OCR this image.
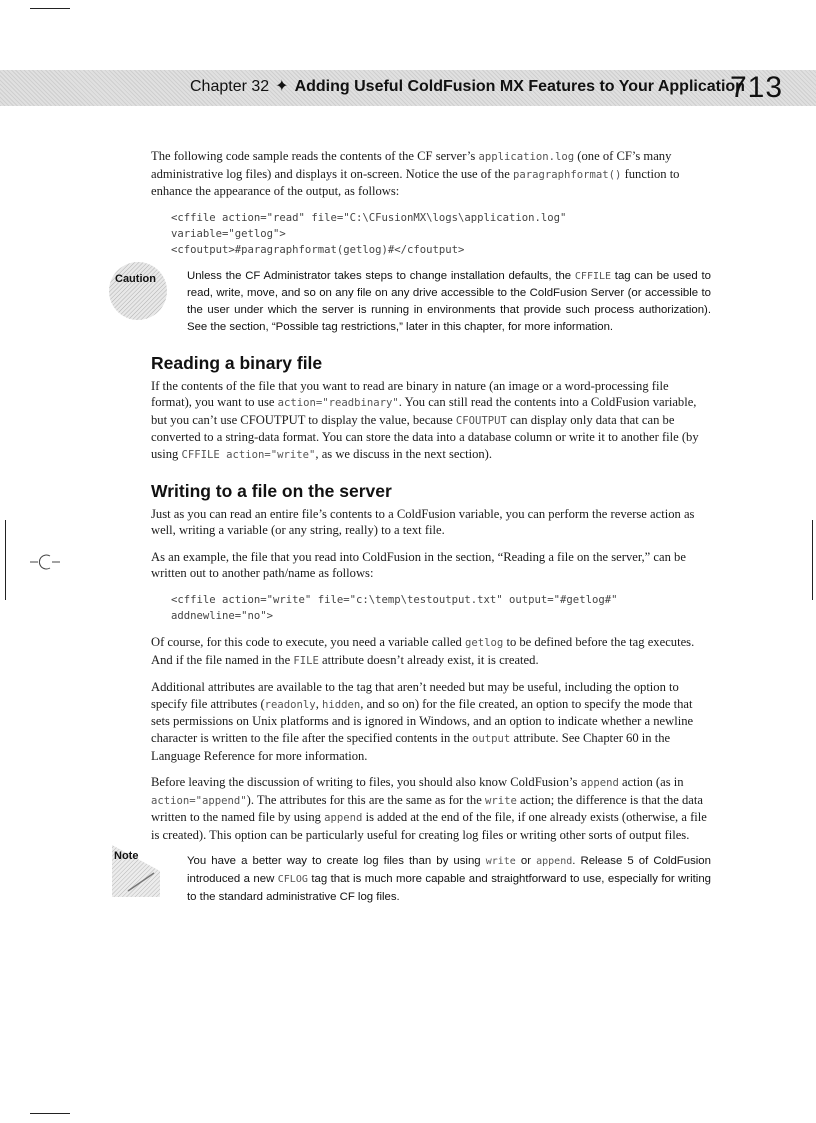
Chapter 32 ✦ Adding Useful ColdFusion MX Features to Your Application
713

The following code sample reads the contents of the CF server’s application.log (one of CF’s many administrative log files) and displays it on-screen. Notice the use of the paragraphformat() function to enhance the appearance of the output, as follows:

<cffile action="read" file="C:\CFusionMX\logs\application.log"
variable="getlog">
<cfoutput>#paragraphformat(getlog)#</cfoutput>
Caution	Unless the CF Administrator takes steps to change installation defaults, the CFFILE tag can be used to read, write, move, and so on any file on any drive accessible to the ColdFusion Server (or accessible to the user under which the server is running in environments that provide such process authorization). See the section, “Possible tag restrictions,” later in this chapter, for more information.
Reading a binary file

If the contents of the file that you want to read are binary in nature (an image or a word-processing file format), you want to use action="readbinary". You can still read the contents into a ColdFusion variable, but you can’t use CFOUTPUT to display the value, because CFOUTPUT can display only data that can be converted to a string-data format. You can store the data into a database column or write it to another file (by using CFFILE action="write", as we discuss in the next section).

Writing to a file on the server

Just as you can read an entire file’s contents to a ColdFusion variable, you can perform the reverse action as well, writing a variable (or any string, really) to a text file.

As an example, the file that you read into ColdFusion in the section, “Reading a file on the server,” can be written out to another path/name as follows:

<cffile action="write" file="c:\temp\testoutput.txt" output="#getlog#"
addnewline="no">

Of course, for this code to execute, you need a variable called getlog to be defined before the tag executes. And if the file named in the FILE attribute doesn’t already exist, it is created.

Additional attributes are available to the tag that aren’t needed but may be useful, including the option to specify file attributes (readonly, hidden, and so on) for the file created, an option to specify the mode that sets permissions on Unix platforms and is ignored in Windows, and an option to indicate whether a newline character is written to the file after the specified contents in the output attribute. See Chapter 60 in the Language Reference for more information.

Before leaving the discussion of writing to files, you should also know ColdFusion’s append action (as in action="append"). The attributes for this are the same as for the write action; the difference is that the data written to the named file by using append is added at the end of the file, if one already exists (otherwise, a file is created). This option can be particularly useful for creating log files or writing other sorts of output files.

Note	You have a better way to create log files than by using write or append. Release 5 of ColdFusion introduced a new CFLOG tag that is much more capable and straightforward to use, especially for writing to the standard administrative CF log files.
